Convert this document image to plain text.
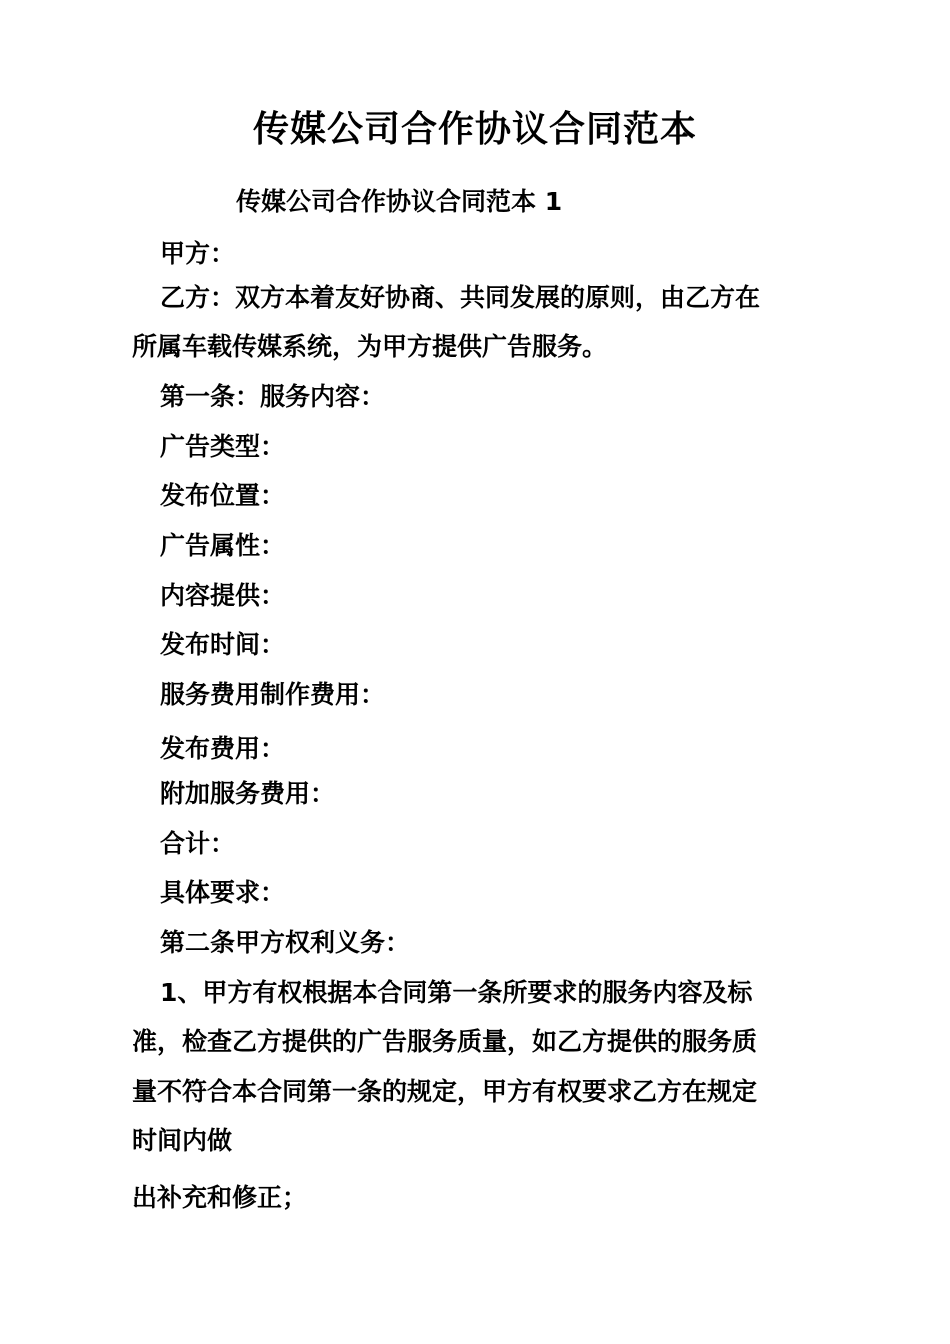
传媒公司合作协议合同范本
传媒公司合作协议合同范本 1
甲方：
乙方：双方本着友好协商、共同发展的原则，由乙方在
所属车载传媒系统，为甲方提供广告服务。
第一条：服务内容：
广告类型：
发布位置：
广告属性：
内容提供：
发布时间：
服务费用制作费用：
发布费用：
附加服务费用：
合计：
具体要求：
第二条甲方权利义务：
1、甲方有权根据本合同第一条所要求的服务内容及标
准，检查乙方提供的广告服务质量，如乙方提供的服务质
量不符合本合同第一条的规定，甲方有权要求乙方在规定
时间内做
出补充和修正；
